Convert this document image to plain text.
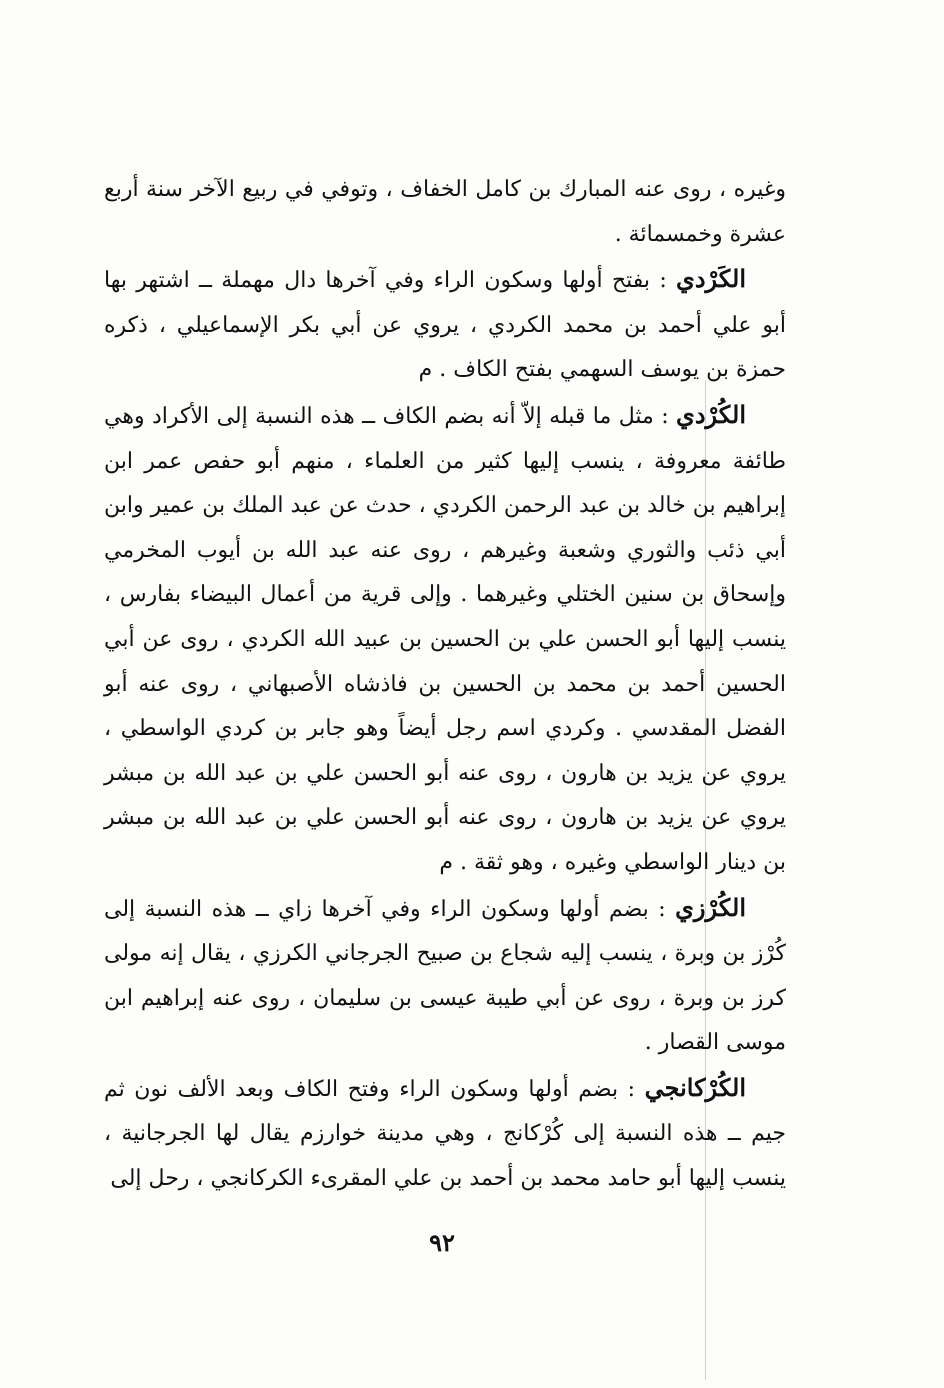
وغيره ، روى عنه المبارك بن كامل الخفاف ، وتوفي في ربيع الآخر سنة أربع عشرة وخمسمائة .

الكَرْدي : بفتح أولها وسكون الراء وفي آخرها دال مهملة ــ اشتهر بها أبو علي أحمد بن محمد الكردي ، يروي عن أبي بكر الإسماعيلي ، ذكره حمزة بن يوسف السهمي بفتح الكاف . م

الكُرْدي : مثل ما قبله إلاّ أنه بضم الكاف ــ هذه النسبة إلى الأكراد وهي طائفة معروفة ، ينسب إليها كثير من العلماء ، منهم أبو حفص عمر ابن إبراهيم بن خالد بن عبد الرحمن الكردي ، حدث عن عبد الملك بن عمير وابن أبي ذئب والثوري وشعبة وغيرهم ، روى عنه عبد الله بن أيوب المخرمي وإسحاق بن سنين الختلي وغيرهما . وإلى قرية من أعمال البيضاء بفارس ، ينسب إليها أبو الحسن علي بن الحسين بن عبيد الله الكردي ، روى عن أبي الحسين أحمد بن محمد بن الحسين بن فاذشاه الأصبهاني ، روى عنه أبو الفضل المقدسي . وكردي اسم رجل أيضاً وهو جابر بن كردي الواسطي ، يروي عن يزيد بن هارون ، روى عنه أبو الحسن علي بن عبد الله بن مبشر يروي عن يزيد بن هارون ، روى عنه أبو الحسن علي بن عبد الله بن مبشر بن دينار الواسطي وغيره ، وهو ثقة . م

الكُرْزي : بضم أولها وسكون الراء وفي آخرها زاي ــ هذه النسبة إلى كُرْز بن وبرة ، ينسب إليه شجاع بن صبيح الجرجاني الكرزي ، يقال إنه مولى كرز بن وبرة ، روى عن أبي طيبة عيسى بن سليمان ، روى عنه إبراهيم ابن موسى القصار .

الكُرْكانجي : بضم أولها وسكون الراء وفتح الكاف وبعد الألف نون ثم جيم ــ هذه النسبة إلى كُرْكانج ، وهي مدينة خوارزم يقال لها الجرجانية ، ينسب إليها أبو حامد محمد بن أحمد بن علي المقرىء الكركانجي ، رحل إلى

٩٢
